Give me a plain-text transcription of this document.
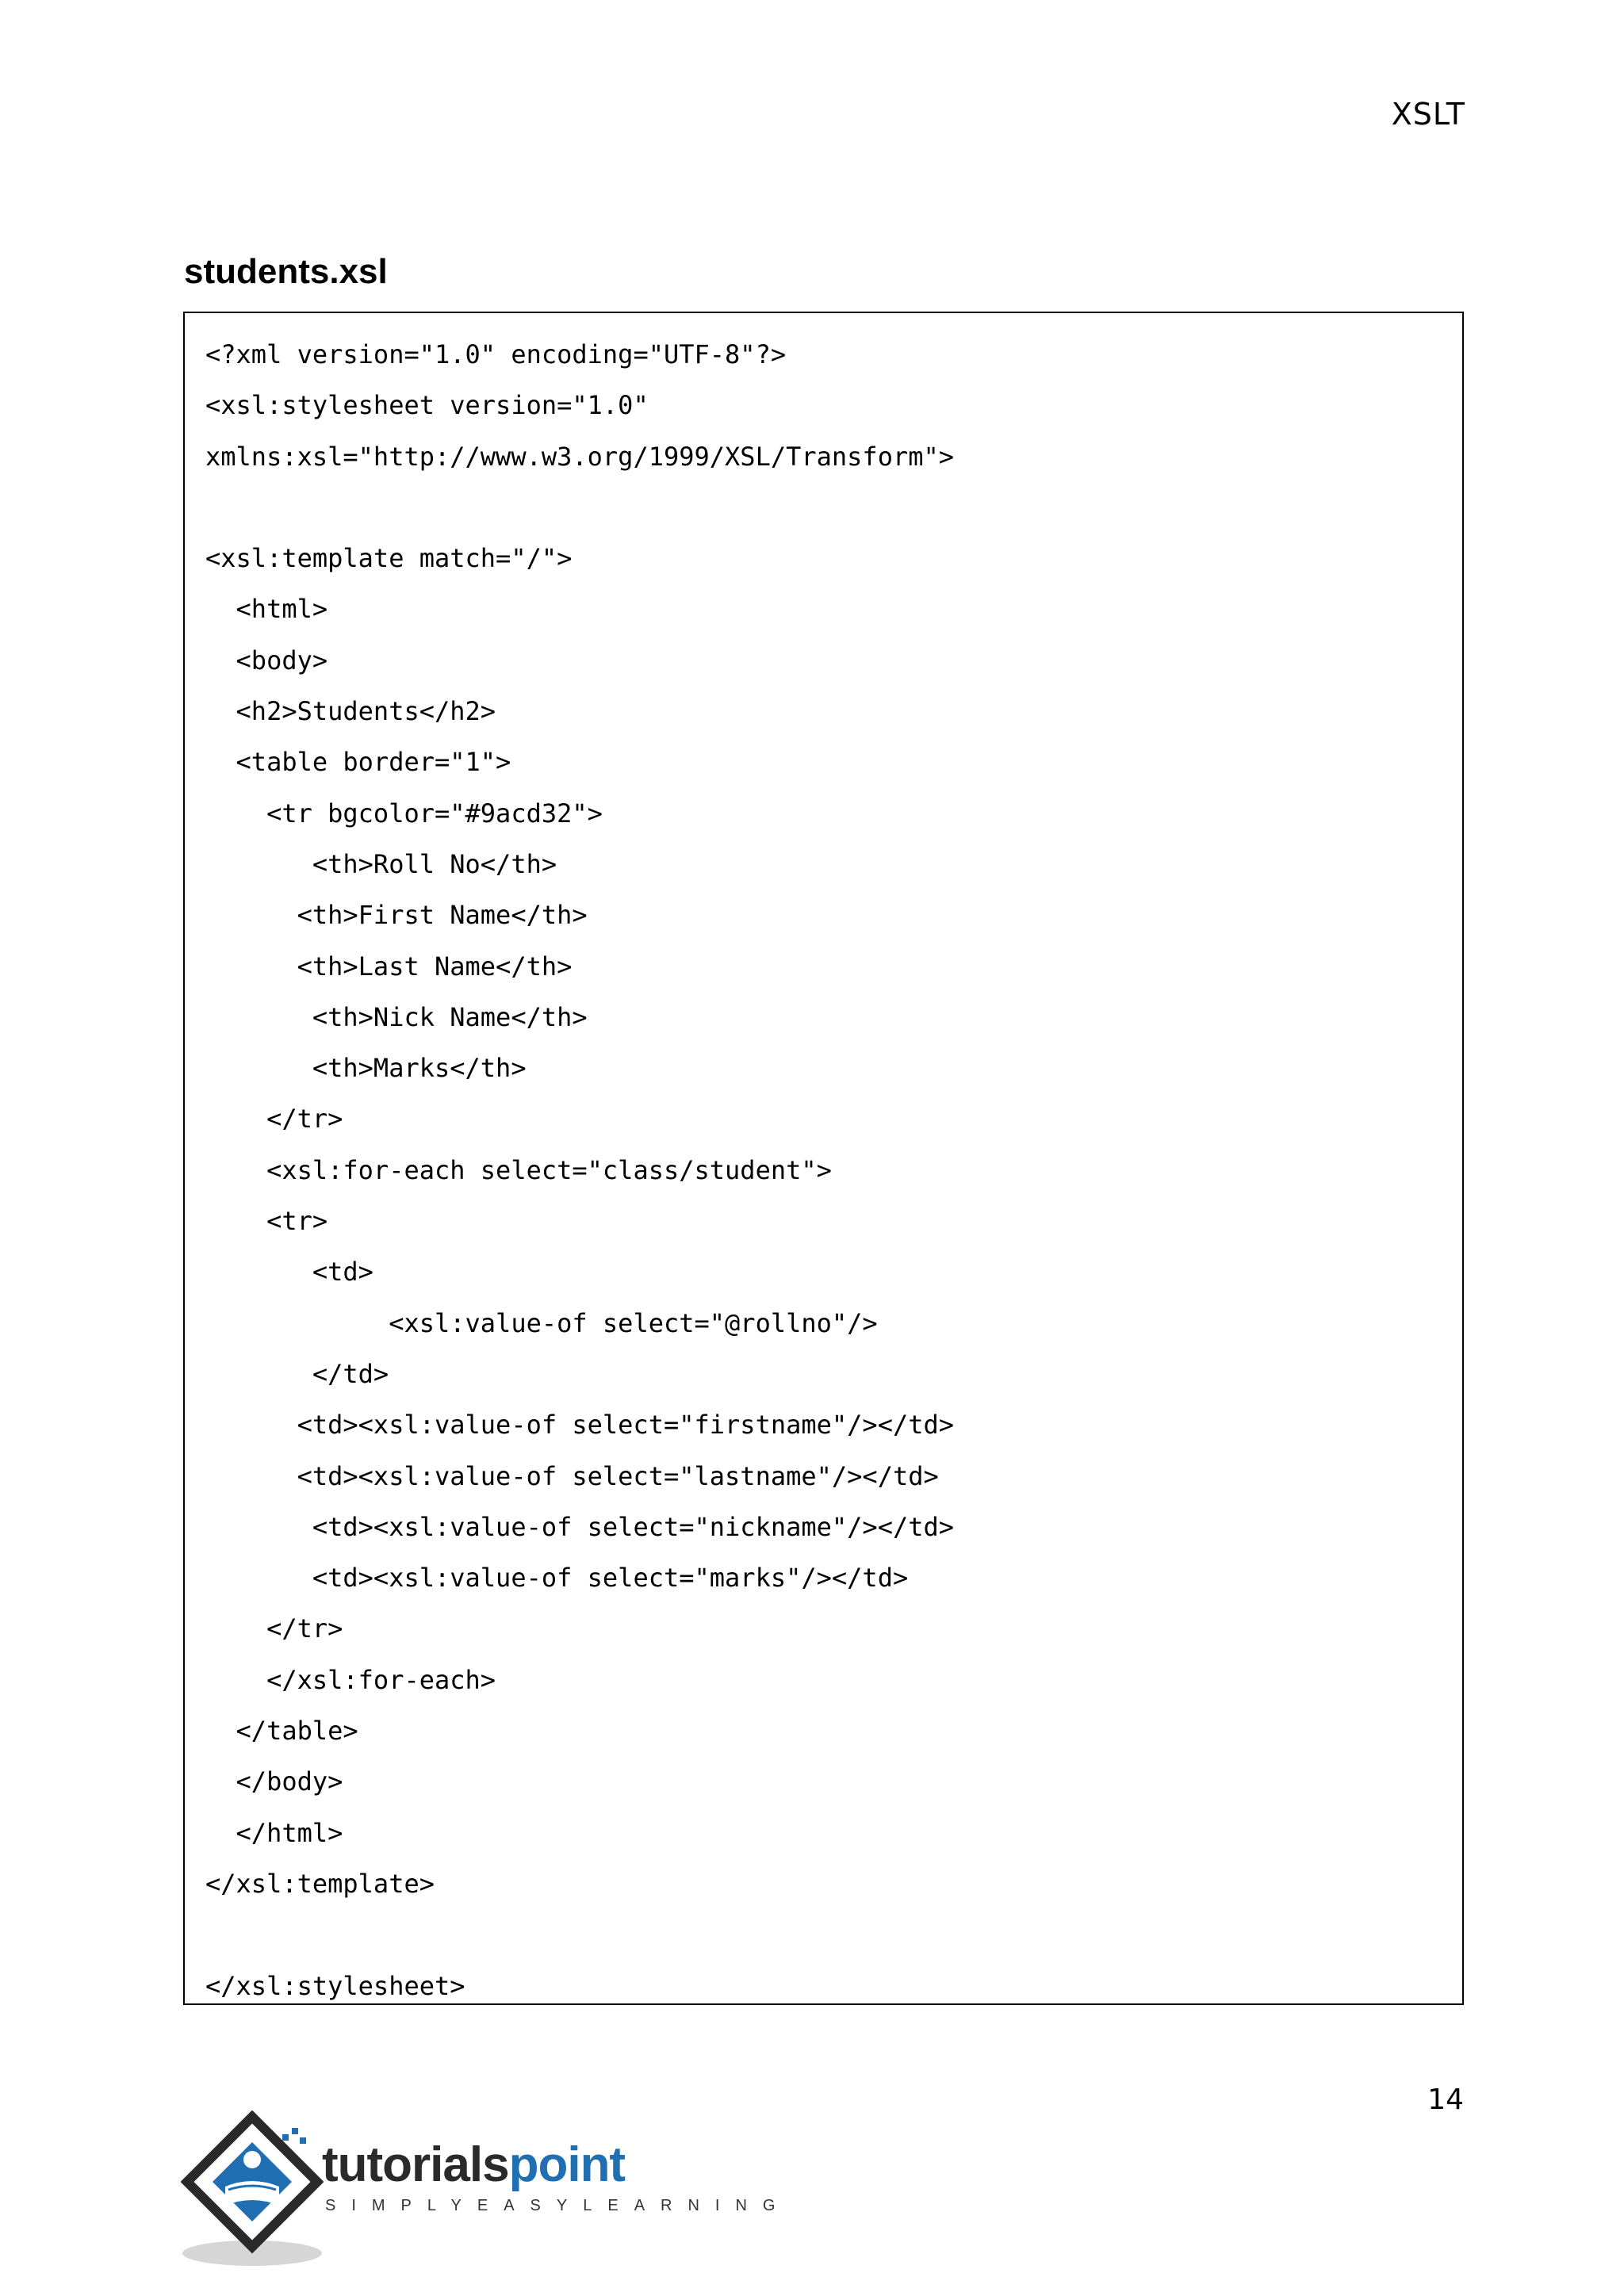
XSLT
students.xsl
<?xml version="1.0" encoding="UTF-8"?>
<xsl:stylesheet version="1.0"
xmlns:xsl="http://www.w3.org/1999/XSL/Transform">
<xsl:template match="/">
<html>
<body>
<h2>Students</h2>
<table border="1">
<tr bgcolor="#9acd32">
<th>Roll No</th>
<th>First Name</th>
<th>Last Name</th>
<th>Nick Name</th>
<th>Marks</th>
</tr>
<xsl:for-each select="class/student">
<tr>
<td>
<xsl:value-of select="@rollno"/>
</td>
<td><xsl:value-of select="firstname"/></td>
<td><xsl:value-of select="lastname"/></td>
<td><xsl:value-of select="nickname"/></td>
<td><xsl:value-of select="marks"/></td>
</tr>
</xsl:for-each>
</table>
</body>
</html>
</xsl:template>
</xsl:stylesheet>
14
tutorialspoint
SIMPLYEASYLEARNING
